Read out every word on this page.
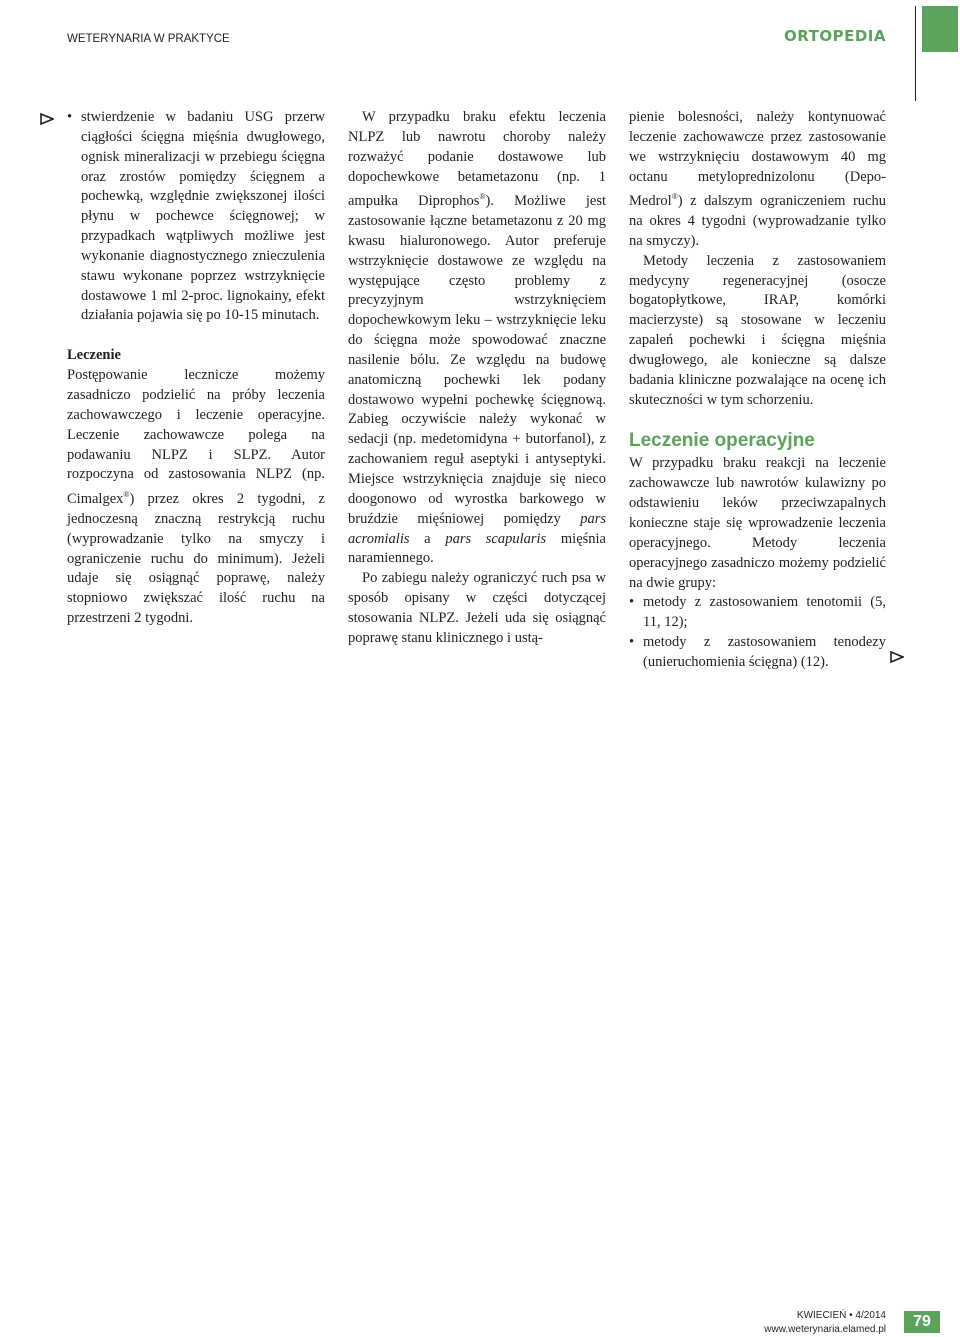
WETERYNARIA W PRAKTYCE	ORTOPEDIA

• stwierdzenie w badaniu USG przerw ciągłości ścięgna mięśnia dwugłowego, ognisk mineralizacji w przebiegu ścięgna oraz zrostów pomiędzy ścięgnem a pochewką, względnie zwiększonej ilości płynu w pochewce ścięgnowej; w przypadkach wątpliwych możliwe jest wykonanie diagnostycznego znieczulenia stawu wykonane poprzez wstrzyknięcie dostawowe 1 ml 2-proc. lignokainy, efekt działania pojawia się po 10-15 minutach.

Leczenie

Postępowanie lecznicze możemy zasadniczo podzielić na próby leczenia zachowawczego i leczenie operacyjne. Leczenie zachowawcze polega na podawaniu NLPZ i SLPZ. Autor rozpoczyna od zastosowania NLPZ (np. Cimalgex®) przez okres 2 tygodni, z jednoczesną znaczną restrykcją ruchu (wyprowadzanie tylko na smyczy i ograniczenie ruchu do minimum). Jeżeli udaje się osiągnąć poprawę, należy stopniowo zwiększać ilość ruchu na przestrzeni 2 tygodni.

W przypadku braku efektu leczenia NLPZ lub nawrotu choroby należy rozważyć podanie dostawowe lub dopochewkowe betametazonu (np. 1 ampułka Diprophos®). Możliwe jest zastosowanie łączne betametazonu z 20 mg kwasu hialuronowego. Autor preferuje wstrzyknięcie dostawowe ze względu na występujące często problemy z precyzyjnym wstrzyknięciem dopochewkowym leku – wstrzyknięcie leku do ścięgna może spowodować znaczne nasilenie bólu. Ze względu na budowę anatomiczną pochewki lek podany dostawowo wypełni pochewkę ścięgnową. Zabieg oczywiście należy wykonać w sedacji (np. medetomidyna + butorfanol), z zachowaniem reguł aseptyki i antyseptyki. Miejsce wstrzyknięcia znajduje się nieco doogonowo od wyrostka barkowego w bruździe mięśniowej pomiędzy pars acromialis a pars scapularis mięśnia naramiennego.

Po zabiegu należy ograniczyć ruch psa w sposób opisany w części dotyczącej stosowania NLPZ. Jeżeli uda się osiągnąć poprawę stanu klinicznego i ustą-

pienie bolesności, należy kontynuować leczenie zachowawcze przez zastosowanie we wstrzyknięciu dostawowym 40 mg octanu metyloprednizolonu (Depo-Medrol®) z dalszym ograniczeniem ruchu na okres 4 tygodni (wyprowadzanie tylko na smyczy).

Metody leczenia z zastosowaniem medycyny regeneracyjnej (osocze bogatopłytkowe, IRAP, komórki macierzyste) są stosowane w leczeniu zapaleń pochewki i ścięgna mięśnia dwugłowego, ale konieczne są dalsze badania kliniczne pozwalające na ocenę ich skuteczności w tym schorzeniu.

Leczenie operacyjne

W przypadku braku reakcji na leczenie zachowawcze lub nawrotów kulawizny po odstawieniu leków przeciwzapalnych konieczne staje się wprowadzenie leczenia operacyjnego. Metody leczenia operacyjnego zasadniczo możemy podzielić na dwie grupy:

• metody z zastosowaniem tenotomii (5, 11, 12);

• metody z zastosowaniem tenodezy (unieruchomienia ścięgna) (12).

KWIECIEŃ • 4/2014
www.weterynaria.elamed.pl	79
